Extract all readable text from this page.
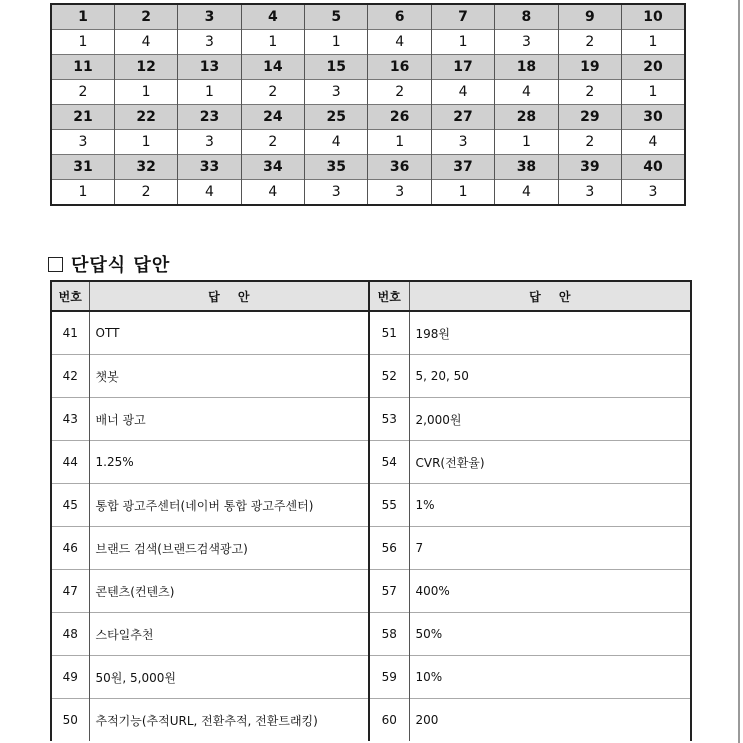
1	2	3	4	5	6	7	8	9	10
1	4	3	1	1	4	1	3	2	1
11	12	13	14	15	16	17	18	19	20
2	1	1	2	3	2	4	4	2	1
21	22	23	24	25	26	27	28	29	30
3	1	3	2	4	1	3	1	2	4
31	32	33	34	35	36	37	38	39	40
1	2	4	4	3	3	1	4	3	3
단답식 답안
번호	답 안	번호	답 안
41	OTT	51	198원
42	챗봇	52	5, 20, 50
43	배너 광고	53	2,000원
44	1.25%	54	CVR(전환율)
45	통합 광고주센터(네이버 통합 광고주센터)	55	1%
46	브랜드 검색(브랜드검색광고)	56	7
47	콘텐츠(컨텐츠)	57	400%
48	스타일추천	58	50%
49	50원, 5,000원	59	10%
50	추적기능(추적URL, 전환추적, 전환트래킹)	60	200
